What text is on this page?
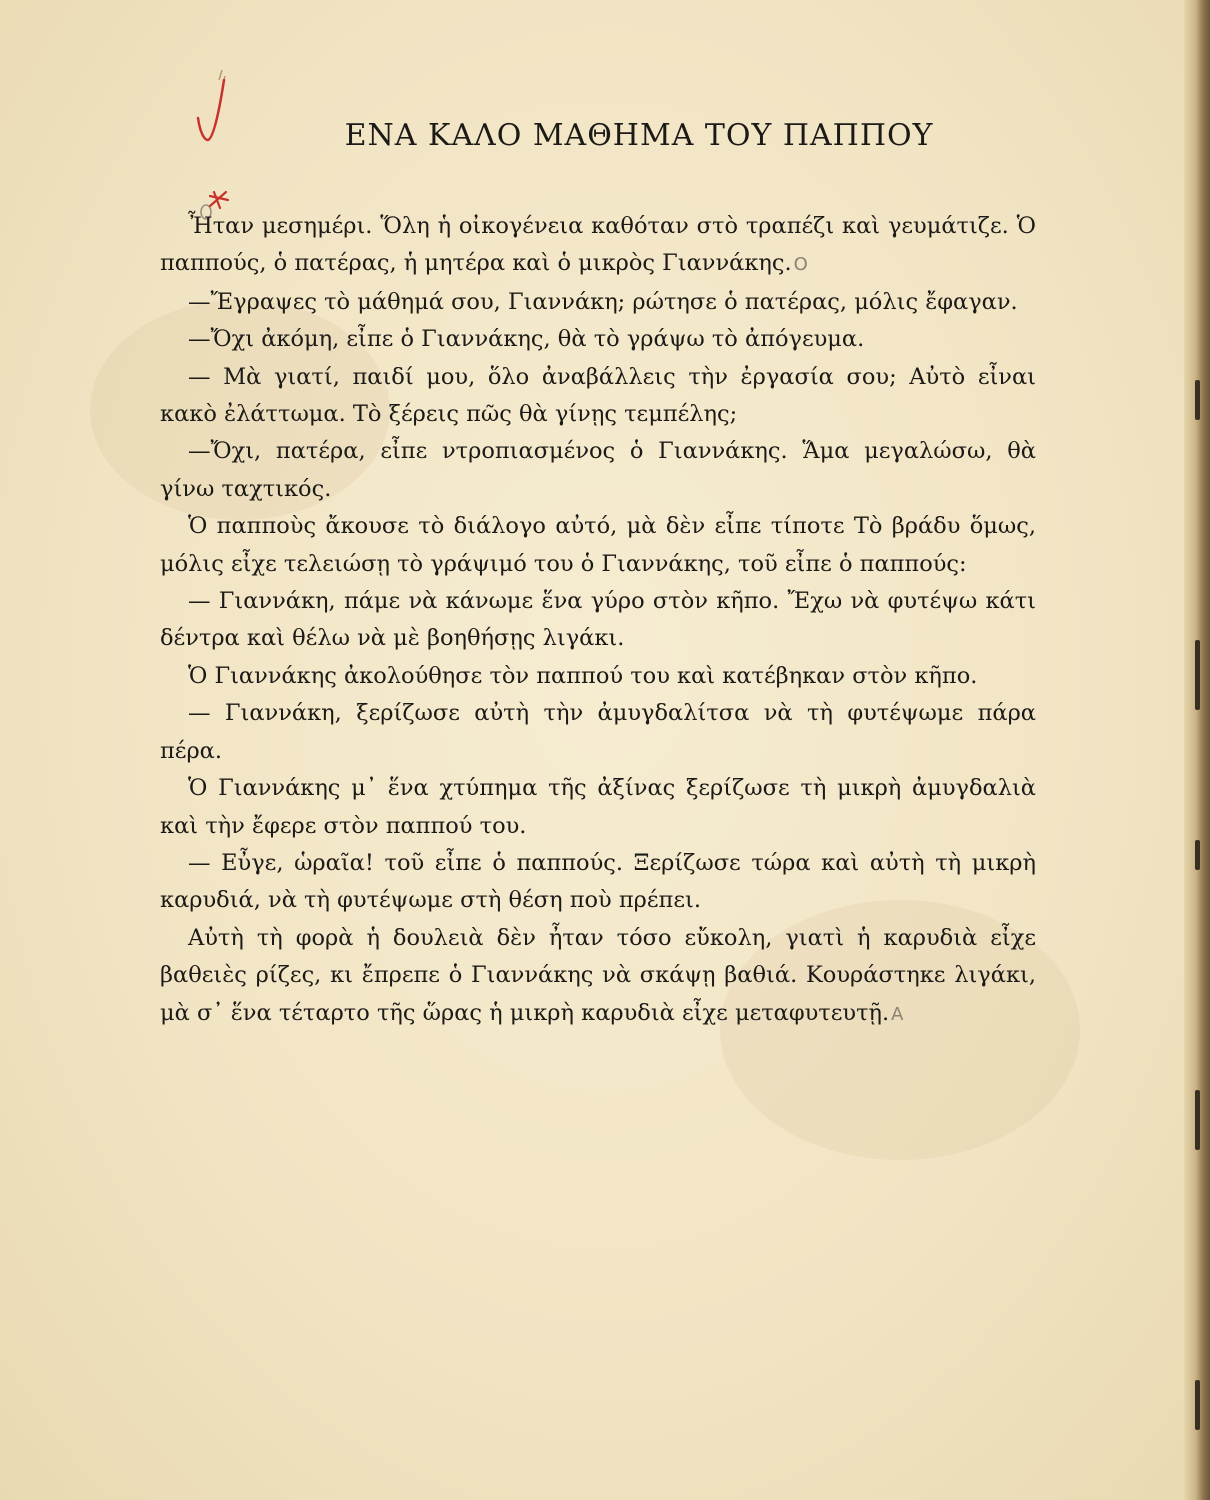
ΕΝΑ ΚΑΛΟ ΜΑΘΗΜΑ ΤΟΥ ΠΑΠΠΟΥ

Ἦταν μεσημέρι. Ὅλη ἡ οἰκογένεια καθόταν στὸ τραπέζι καὶ γευμάτιζε. Ὁ παππούς, ὁ πατέρας, ἡ μητέρα καὶ ὁ μικρὸς Γιαννάκης. O

—Ἔγραψες τὸ μάθημά σου, Γιαννάκη; ρώτησε ὁ πατέρας, μόλις ἔφαγαν.

—Ὄχι ἀκόμη, εἶπε ὁ Γιαννάκης, θὰ τὸ γράψω τὸ ἀπόγευμα.

— Μὰ γιατί, παιδί μου, ὅλο ἀναβάλλεις τὴν ἐργασία σου; Αὐτὸ εἶναι κακὸ ἐλάττωμα. Τὸ ξέρεις πῶς θὰ γίνῃς τεμπέλης;

—Ὄχι, πατέρα, εἶπε ντροπιασμένος ὁ Γιαννάκης. Ἅμα μεγαλώσω, θὰ γίνω ταχτικός.

Ὁ παπποὺς ἄκουσε τὸ διάλογο αὐτό, μὰ δὲν εἶπε τίποτε Τὸ βράδυ ὅμως, μόλις εἶχε τελειώσῃ τὸ γράψιμό του ὁ Γιαννάκης, τοῦ εἶπε ὁ παππούς:

— Γιαννάκη, πάμε νὰ κάνωμε ἕνα γύρο στὸν κῆπο. Ἔχω νὰ φυτέψω κάτι δέντρα καὶ θέλω νὰ μὲ βοηθήσῃς λιγάκι.

Ὁ Γιαννάκης ἀκολούθησε τὸν παππού του καὶ κατέβηκαν στὸν κῆπο.

— Γιαννάκη, ξερίζωσε αὐτὴ τὴν ἀμυγδαλίτσα νὰ τὴ φυτέψωμε πάρα πέρα.

Ὁ Γιαννάκης μ᾽ ἕνα χτύπημα τῆς ἀξίνας ξερίζωσε τὴ μικρὴ ἀμυγδαλιὰ καὶ τὴν ἔφερε στὸν παππού του.

— Εὖγε, ὡραῖα! τοῦ εἶπε ὁ παππούς. Ξερίζωσε τώρα καὶ αὐτὴ τὴ μικρὴ καρυδιά, νὰ τὴ φυτέψωμε στὴ θέση ποὺ πρέπει.

Αὐτὴ τὴ φορὰ ἡ δουλειὰ δὲν ἦταν τόσο εὔκολη, γιατὶ ἡ καρυδιὰ εἶχε βαθειὲς ρίζες, κι ἔπρεπε ὁ Γιαννάκης νὰ σκάψῃ βαθιά. Κουράστηκε λιγάκι, μὰ σ᾽ ἕνα τέταρτο τῆς ὥρας ἡ μικρὴ καρυδιὰ εἶχε μεταφυτευτῇ. A
